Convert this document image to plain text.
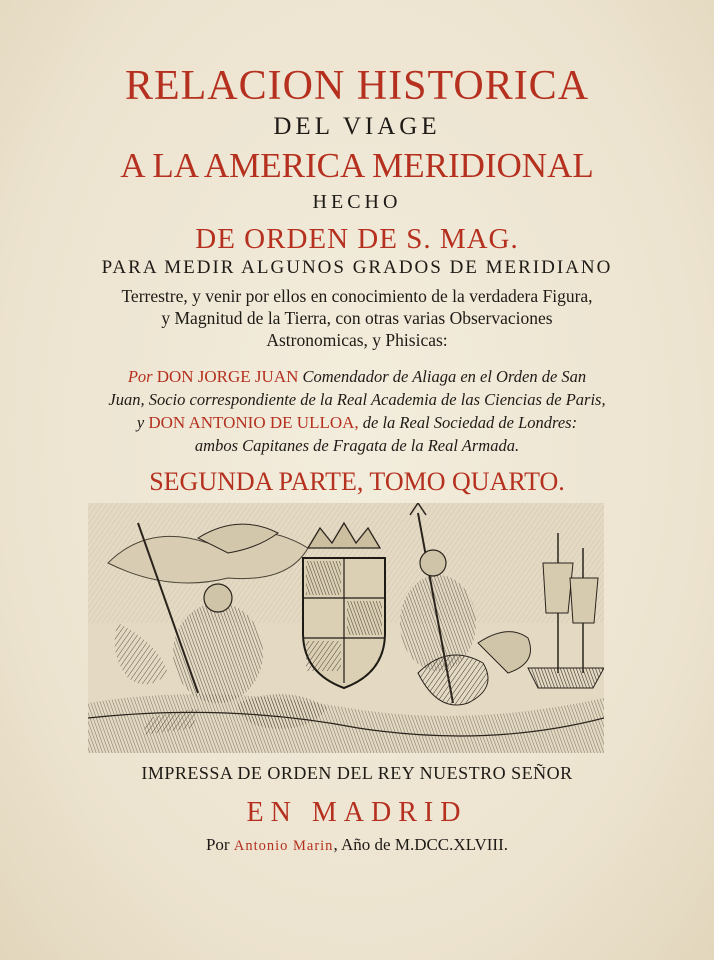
RELACION HISTORICA
DEL VIAGE
A LA AMERICA MERIDIONAL
HECHO
DE ORDEN DE S. MAG.
PARA MEDIR ALGUNOS GRADOS DE MERIDIANO
Terrestre, y venir por ellos en conocimiento de la verdadera Figura,
y Magnitud de la Tierra, con otras varias Observaciones
Astronomicas, y Phisicas:
Por DON JORGE JUAN Comendador de Aliaga en el Orden de San
Juan, Socio correspondiente de la Real Academia de las Ciencias de Paris,
y DON ANTONIO DE ULLOA, de la Real Sociedad de Londres:
ambos Capitanes de Fragata de la Real Armada.
SEGUNDA PARTE, TOMO QUARTO.
IMPRESSA DE ORDEN DEL REY NUESTRO SEÑOR
EN MADRID
Por Antonio Marin, Año de M.DCC.XLVIII.
